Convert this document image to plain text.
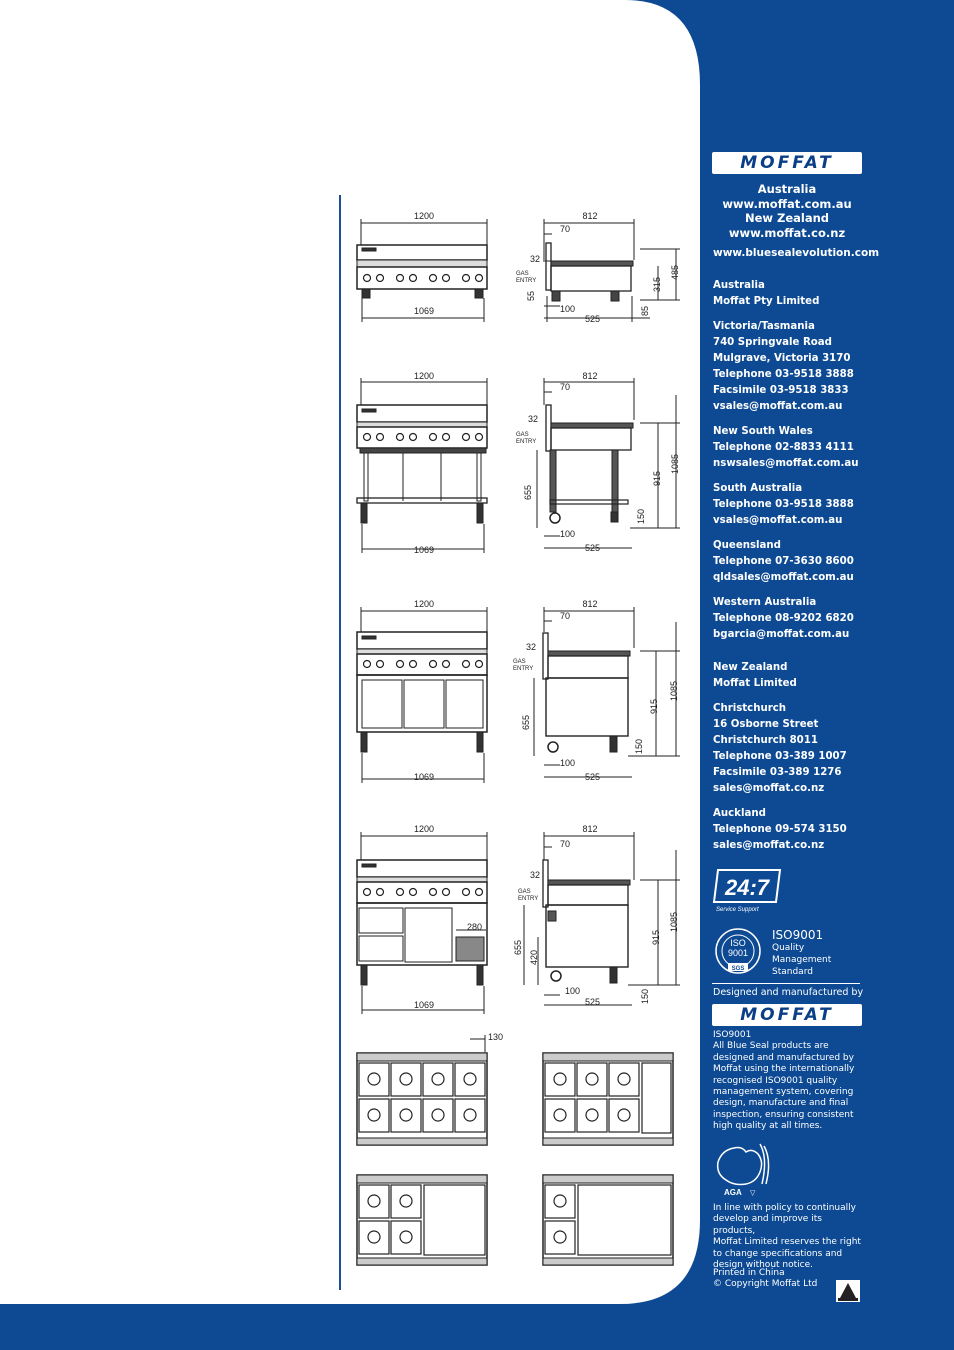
1200
1069
812
70
32
GAS
ENTRY
100
525
55
315
485
85
1200
1069
812
70
32
GAS
ENTRY
100
525
655
915
1085
150
1200
1069
812
70
32
GAS
ENTRY
100
525
655
915
1085
150
1200
280
1069
812
70
32
GAS
ENTRY
100
525
655
420
915
1085
150
130
MOFFAT
Australia
www.moffat.com.au
New Zealand
www.moffat.co.nz
www.bluesealevolution.com
Australia
Moffat Pty Limited
Victoria/Tasmania
740 Springvale Road
Mulgrave, Victoria 3170
Telephone 03-9518 3888
Facsimile 03-9518 3833
vsales@moffat.com.au
New South Wales
Telephone 02-8833 4111
nswsales@moffat.com.au
South Australia
Telephone 03-9518 3888
vsales@moffat.com.au
Queensland
Telephone 07-3630 8600
qldsales@moffat.com.au
Western Australia
Telephone 08-9202 6820
bgarcia@moffat.com.au
New Zealand
Moffat Limited
Christchurch
16 Osborne Street
Christchurch 8011
Telephone 03-389 1007
Facsimile 03-389 1276
sales@moffat.co.nz
Auckland
Telephone 09-574 3150
sales@moffat.co.nz
24:7
Service Support
ISO
9001
SGS
ISO9001
Quality
Management
Standard
Designed and manufactured by
MOFFAT
ISO9001
All Blue Seal products are
designed and manufactured by
Moffat using the internationally
recognised ISO9001 quality
management system, covering
design, manufacture and final
inspection, ensuring consistent
high quality at all times.
AGA ▽
In line with policy to continually
develop and improve its products,
Moffat Limited reserves the right
to change specifications and
design without notice.
Printed in China
© Copyright Moffat Ltd
